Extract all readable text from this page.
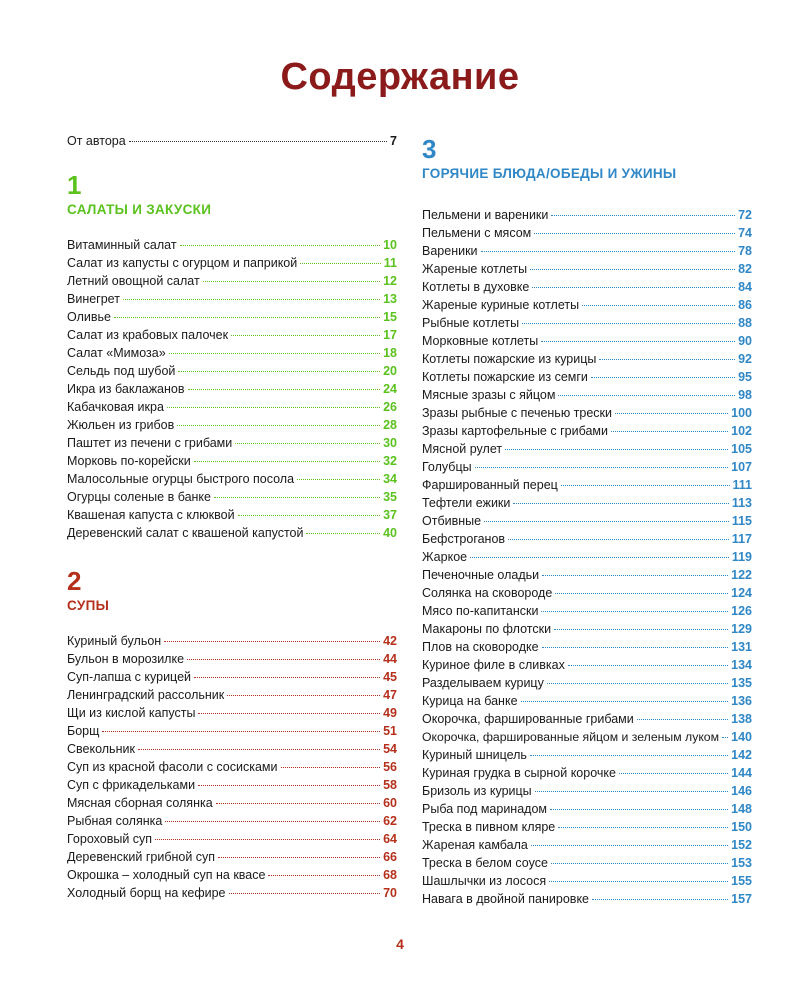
Содержание
От автора	7
1
САЛАТЫ И ЗАКУСКИ
Витаминный салат	10
Салат из капусты с огурцом и паприкой	11
Летний овощной салат	12
Винегрет	13
Оливье	15
Салат из крабовых палочек	17
Салат «Мимоза»	18
Сельдь под шубой	20
Икра из баклажанов	24
Кабачковая икра	26
Жюльен из грибов	28
Паштет из печени с грибами	30
Морковь по-корейски	32
Малосольные огурцы быстрого посола	34
Огурцы соленые в банке	35
Квашеная капуста с клюквой	37
Деревенский салат с квашеной капустой	40
2
СУПЫ
Куриный бульон	42
Бульон в морозилке	44
Суп-лапша с курицей	45
Ленинградский рассольник	47
Щи из кислой капусты	49
Борщ	51
Свекольник	54
Суп из красной фасоли с сосисками	56
Суп с фрикадельками	58
Мясная сборная солянка	60
Рыбная солянка	62
Гороховый суп	64
Деревенский грибной суп	66
Окрошка – холодный суп на квасе	68
Холодный борщ на кефире	70
3
ГОРЯЧИЕ БЛЮДА/ОБЕДЫ И УЖИНЫ
Пельмени и вареники	72
Пельмени с мясом	74
Вареники	78
Жареные котлеты	82
Котлеты в духовке	84
Жареные куриные котлеты	86
Рыбные котлеты	88
Морковные котлеты	90
Котлеты пожарские из курицы	92
Котлеты пожарские из семги	95
Мясные зразы с яйцом	98
Зразы рыбные с печенью трески	100
Зразы картофельные с грибами	102
Мясной рулет	105
Голубцы	107
Фаршированный перец	111
Тефтели ежики	113
Отбивные	115
Бефстроганов	117
Жаркое	119
Печеночные оладьи	122
Солянка на сковороде	124
Мясо по-капитански	126
Макароны по флотски	129
Плов на сковородке	131
Куриное филе в сливках	134
Разделываем курицу	135
Курица на банке	136
Окорочка, фаршированные грибами	138
Окорочка, фаршированные яйцом и зеленым луком 140
Куриный шницель	142
Куриная грудка в сырной корочке	144
Бризоль из курицы	146
Рыба под маринадом	148
Треска в пивном кляре	150
Жареная камбала	152
Треска в белом соусе	153
Шашлычки из лосося	155
Навага в двойной панировке	157
4
